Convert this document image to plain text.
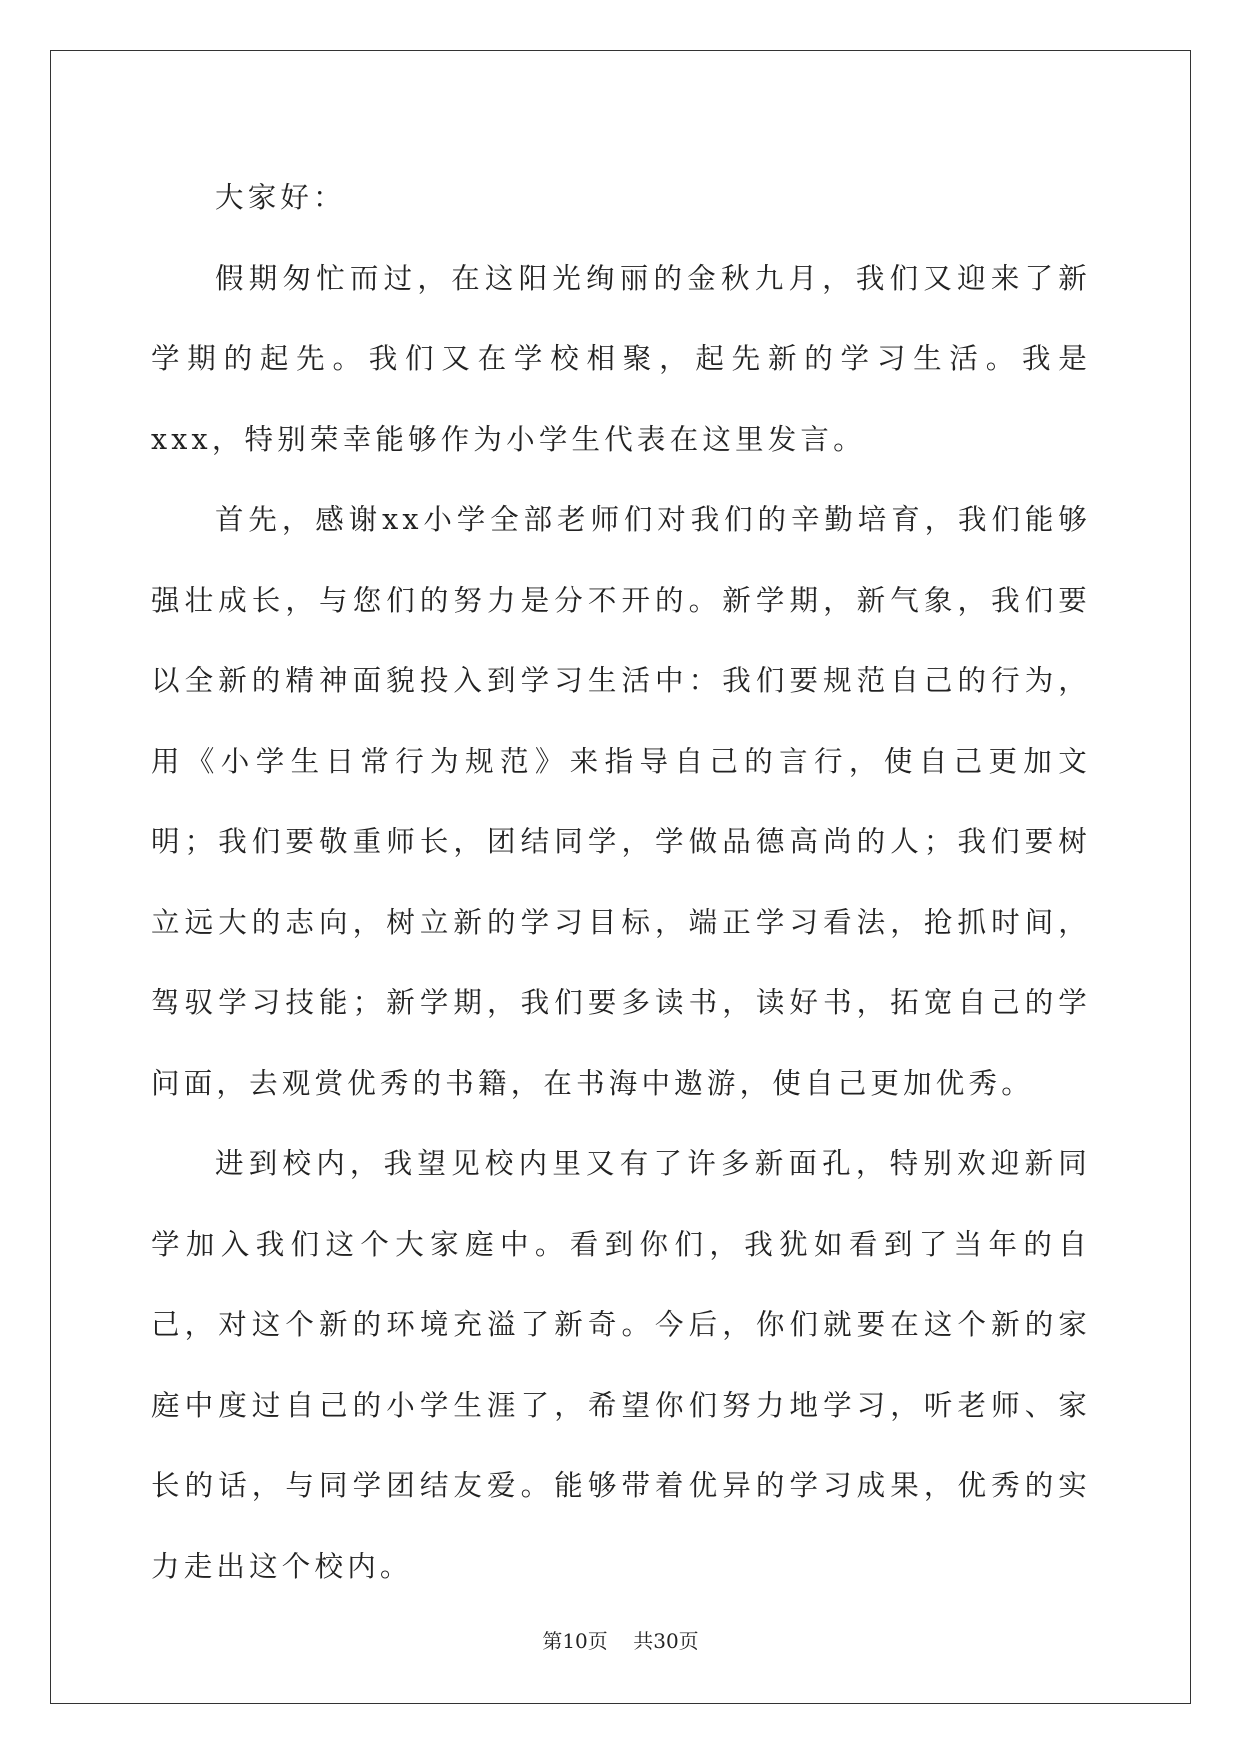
大家好：

假期匆忙而过，在这阳光绚丽的金秋九月，我们又迎来了新学期的起先。我们又在学校相聚，起先新的学习生活。我是xxx，特别荣幸能够作为小学生代表在这里发言。

首先，感谢xx小学全部老师们对我们的辛勤培育，我们能够强壮成长，与您们的努力是分不开的。新学期，新气象，我们要以全新的精神面貌投入到学习生活中：我们要规范自己的行为，用《小学生日常行为规范》来指导自己的言行，使自己更加文明；我们要敬重师长，团结同学，学做品德高尚的人；我们要树立远大的志向，树立新的学习目标，端正学习看法，抢抓时间，驾驭学习技能；新学期，我们要多读书，读好书，拓宽自己的学问面，去观赏优秀的书籍，在书海中遨游，使自己更加优秀。

进到校内，我望见校内里又有了许多新面孔，特别欢迎新同学加入我们这个大家庭中。看到你们，我犹如看到了当年的自己，对这个新的环境充溢了新奇。今后，你们就要在这个新的家庭中度过自己的小学生涯了，希望你们努力地学习，听老师、家长的话，与同学团结友爱。能够带着优异的学习成果，优秀的实力走出这个校内。

第10页 共30页
